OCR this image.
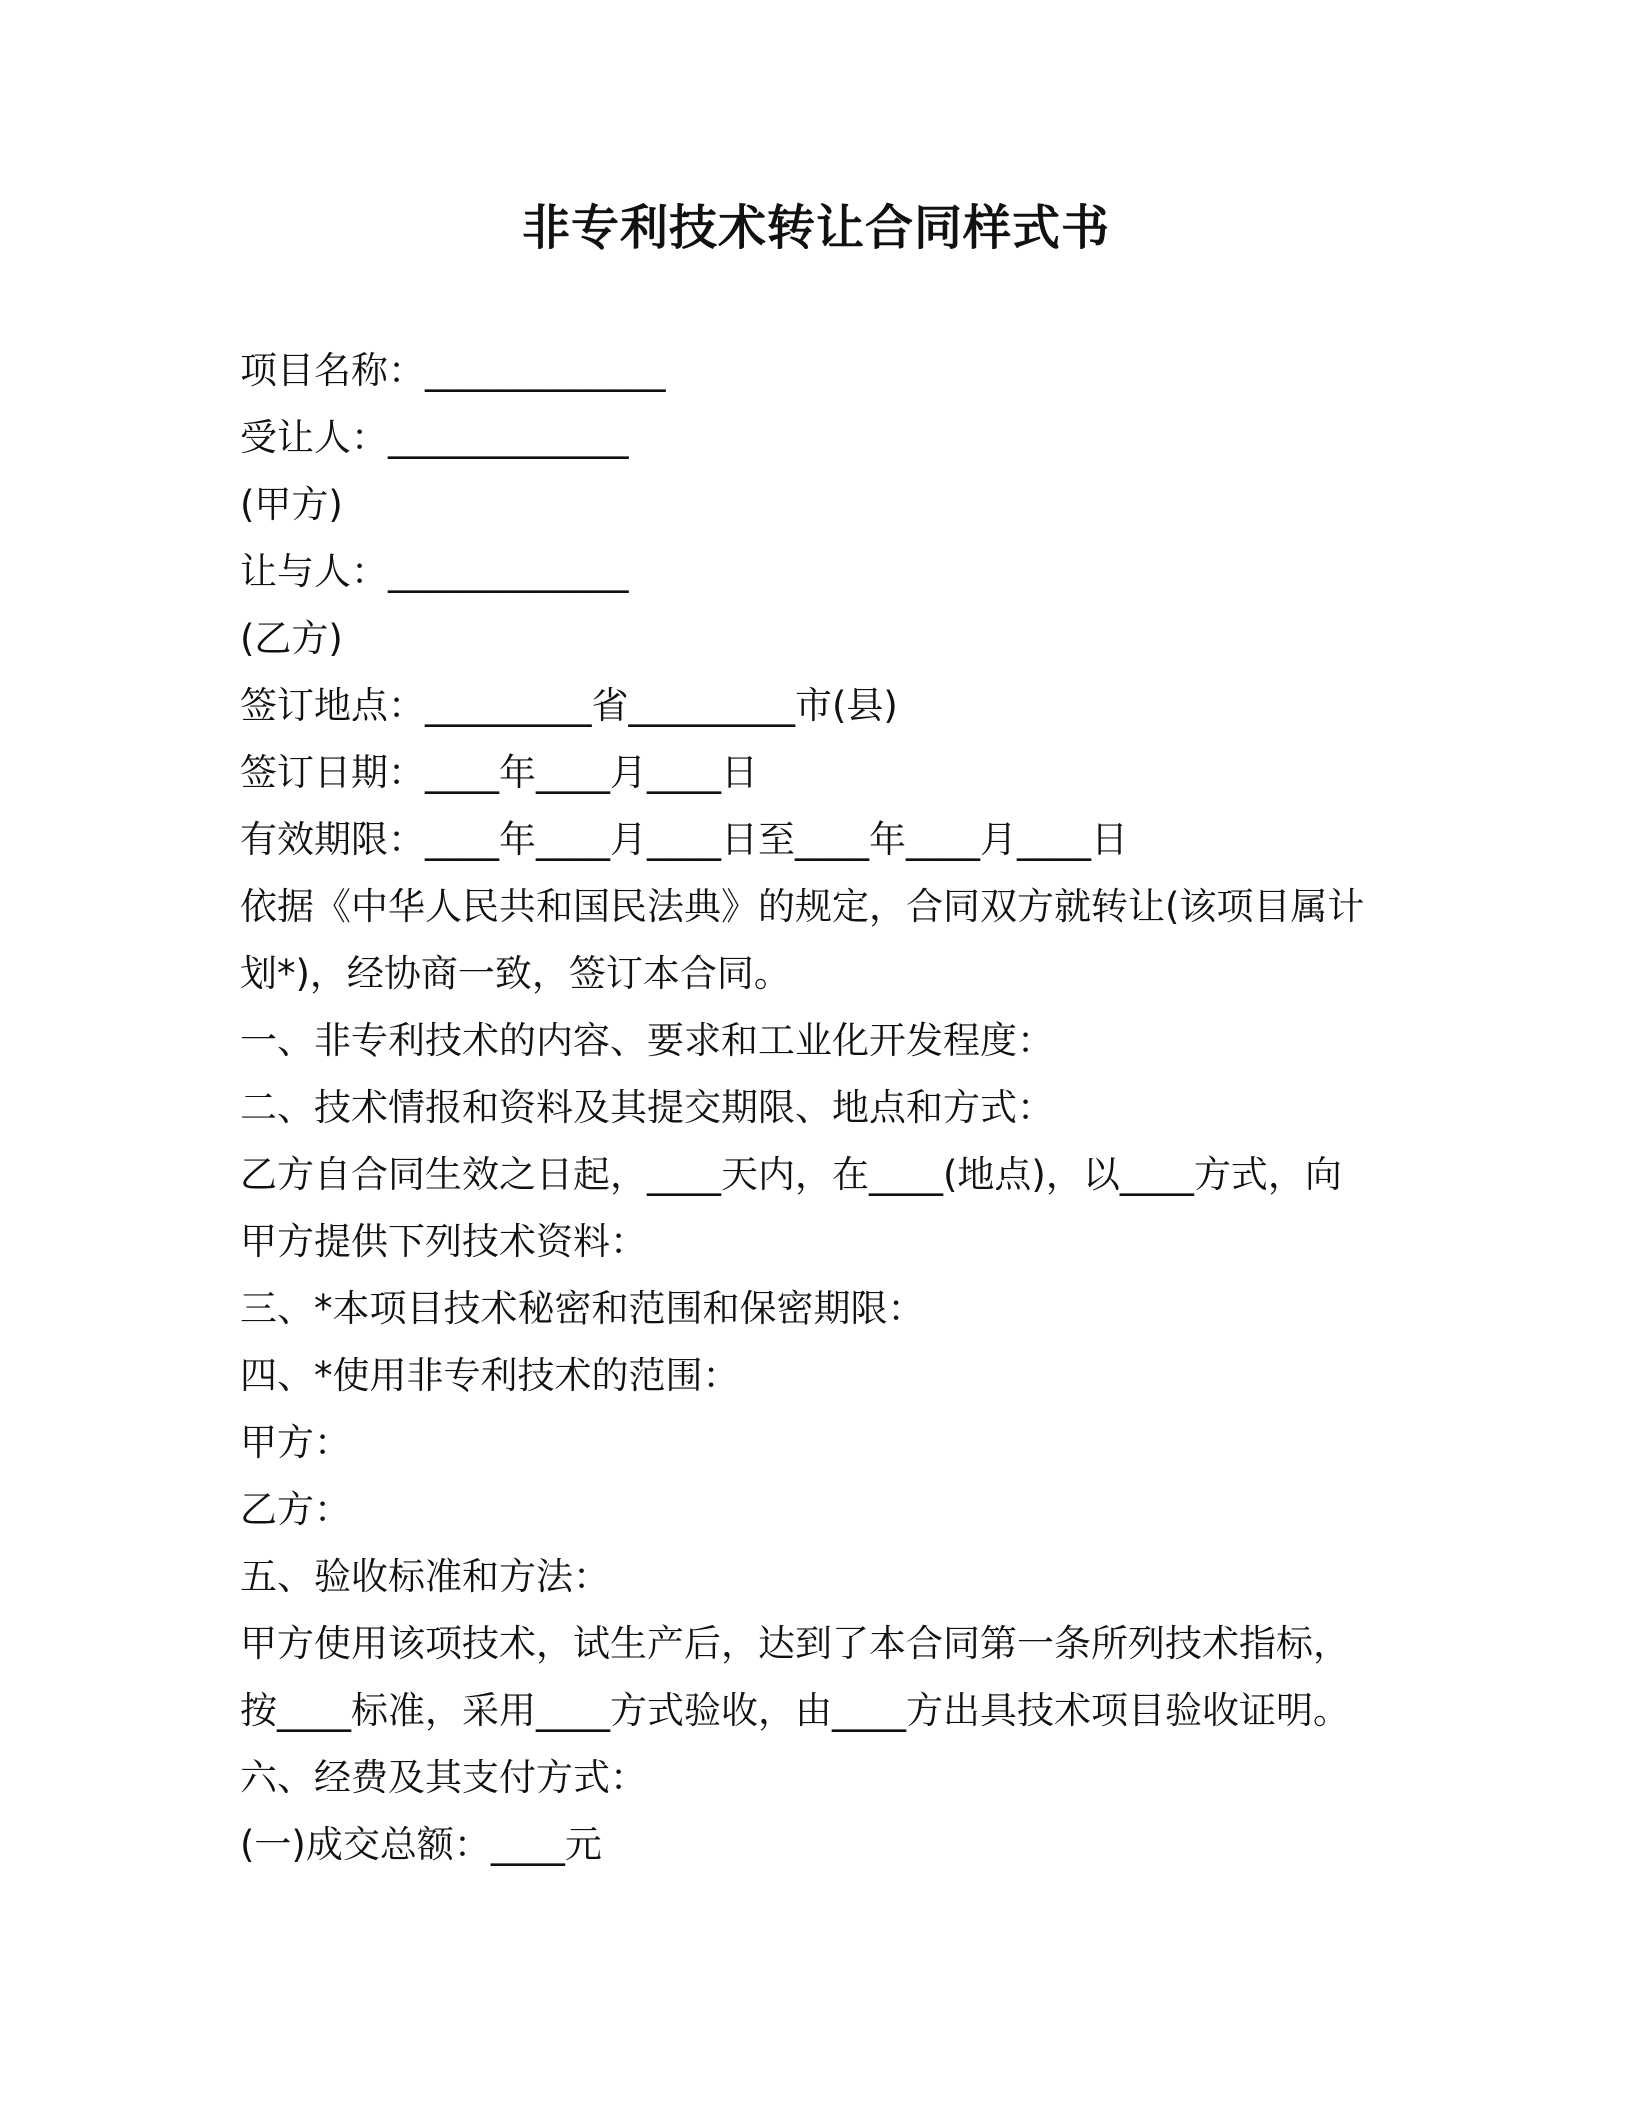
非专利技术转让合同样式书

项目名称：_____________

受让人：_____________

(甲方)

让与人：_____________

(乙方)

签订地点：_________省_________市(县)

签订日期：____年____月____日

有效期限：____年____月____日至____年____月____日

依据《中华人民共和国民法典》的规定，合同双方就转让(该项目属计

划*)，经协商一致，签订本合同。

一、非专利技术的内容、要求和工业化开发程度：

二、技术情报和资料及其提交期限、地点和方式：

乙方自合同生效之日起，____天内，在____(地点)，以____方式，向

甲方提供下列技术资料：

三、*本项目技术秘密和范围和保密期限：

四、*使用非专利技术的范围：

甲方：

乙方：

五、验收标准和方法：

甲方使用该项技术，试生产后，达到了本合同第一条所列技术指标，

按____标准，采用____方式验收，由____方出具技术项目验收证明。

六、经费及其支付方式：

(一)成交总额：____元
